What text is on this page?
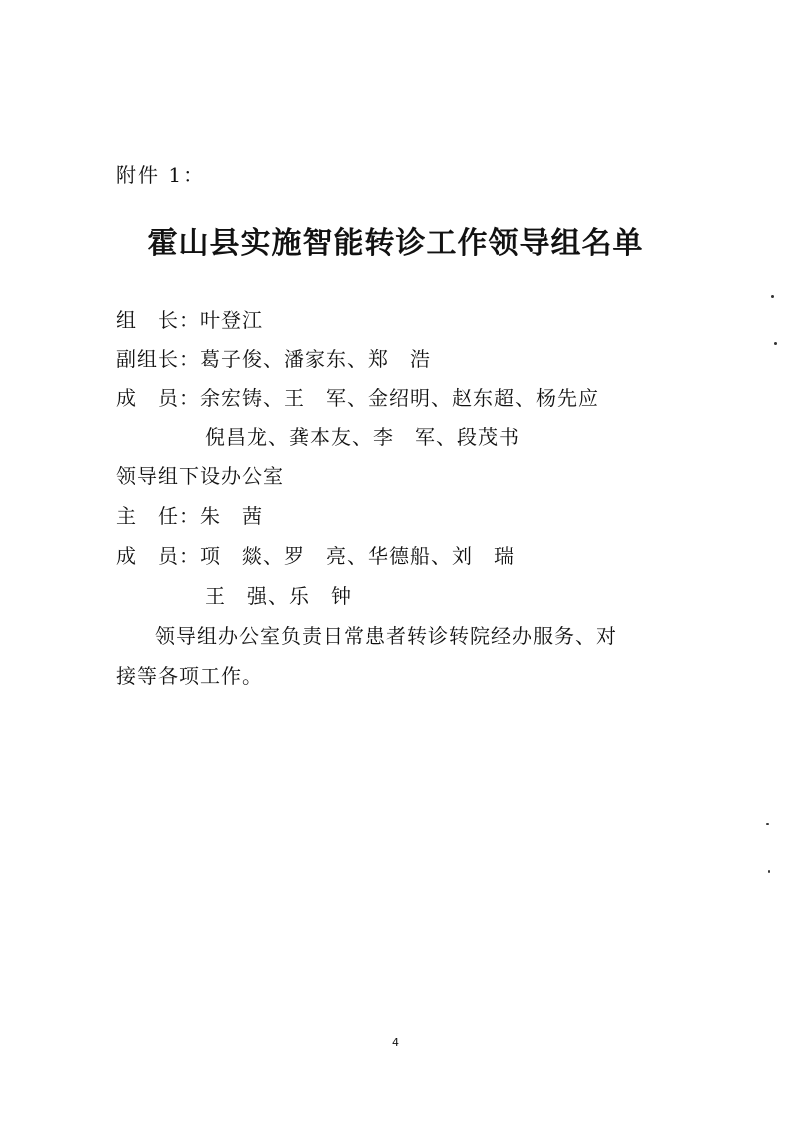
附件 1：
霍山县实施智能转诊工作领导组名单
组　长：叶登江
副组长：葛子俊、潘家东、郑　浩
成　员：余宏铸、王　军、金绍明、赵东超、杨先应
倪昌龙、龚本友、李　军、段茂书
领导组下设办公室
主　任：朱　茜
成　员：项　燚、罗　亮、华德船、刘　瑞
王　强、乐　钟
领导组办公室负责日常患者转诊转院经办服务、对
接等各项工作。
4
